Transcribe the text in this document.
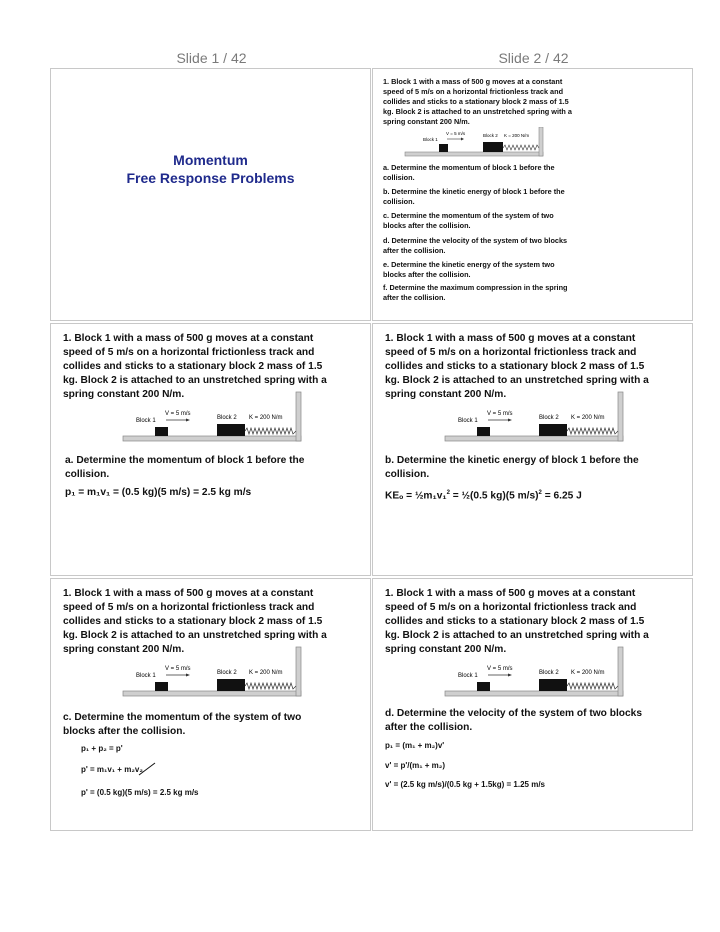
Slide 1 / 42	Slide 2 / 42
Momentum
Free Response Problems
1. Block 1 with a mass of 500 g moves at a constant
speed of 5 m/s on a horizontal frictionless track and
collides and sticks to a stationary block 2 mass of 1.5
kg. Block 2 is attached to an unstretched spring with a
spring constant 200 N/m.
V = 5 m/s
Block 1
Block 2 K = 200 N/m
a. Determine the momentum of block 1 before the
collision.
b. Determine the kinetic energy of block 1 before the
collision.
c. Determine the momentum of the system of two
blocks after the collision.
d. Determine the velocity of the system of two blocks
after the collision.
e. Determine the kinetic energy of the system two
blocks after the collision.
f. Determine the maximum compression in the spring
after the collision.
1. Block 1 with a mass of 500 g moves at a constant
speed of 5 m/s on a horizontal frictionless track and
collides and sticks to a stationary block 2 mass of 1.5
kg. Block 2 is attached to an unstretched spring with a
spring constant 200 N/m.
V = 5 m/s
Block 1	Block 2 K = 200 N/m
a. Determine the momentum of block 1 before the
collision.
p₁ = m₁v₁ = (0.5 kg)(5 m/s) = 2.5 kg m/s
1. Block 1 with a mass of 500 g moves at a constant
speed of 5 m/s on a horizontal frictionless track and
collides and sticks to a stationary block 2 mass of 1.5
kg. Block 2 is attached to an unstretched spring with a
spring constant 200 N/m.
V = 5 m/s
Block 1	Block 2 K = 200 N/m
b. Determine the kinetic energy of block 1 before the
collision.
KEₒ = ½m₁v₁$^2$ = ½(0.5 kg)(5 m/s)$^2$ = 6.25 J
1. Block 1 with a mass of 500 g moves at a constant
speed of 5 m/s on a horizontal frictionless track and
collides and sticks to a stationary block 2 mass of 1.5
kg. Block 2 is attached to an unstretched spring with a
spring constant 200 N/m.
V = 5 m/s
Block 1	Block 2 K = 200 N/m
c. Determine the momentum of the system of two
blocks after the collision.
p₁ + p₂ = p'
p' = m₁v₁ + m₂v₂
p' = (0.5 kg)(5 m/s) = 2.5 kg m/s
1. Block 1 with a mass of 500 g moves at a constant
speed of 5 m/s on a horizontal frictionless track and
collides and sticks to a stationary block 2 mass of 1.5
kg. Block 2 is attached to an unstretched spring with a
spring constant 200 N/m.
V = 5 m/s
Block 1	Block 2 K = 200 N/m
d. Determine the velocity of the system of two blocks
after the collision.
p₁ = (m₁ + m₂)v'
v' = p'/(m₁ + m₂)
v' = (2.5 kg m/s)/(0.5 kg + 1.5kg) = 1.25 m/s
